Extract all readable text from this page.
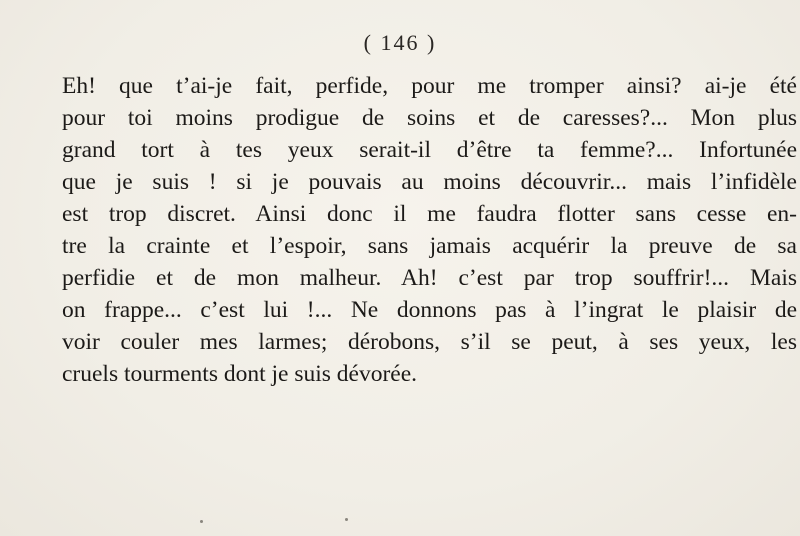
( 146 )
Eh! que t’ai-je fait, perfide, pour me tromper ainsi? ai-je été
pour toi moins prodigue de soins et de caresses?... Mon plus
grand tort à tes yeux serait-il d’être ta femme?... Infortunée
que je suis ! si je pouvais au moins découvrir... mais l’infidèle
est trop discret. Ainsi donc il me faudra flotter sans cesse en-
tre la crainte et l’espoir, sans jamais acquérir la preuve de sa
perfidie et de mon malheur. Ah! c’est par trop souffrir!... Mais
on frappe... c’est lui !... Ne donnons pas à l’ingrat le plaisir de
voir couler mes larmes; dérobons, s’il se peut, à ses yeux, les
cruels tourments dont je suis dévorée.
